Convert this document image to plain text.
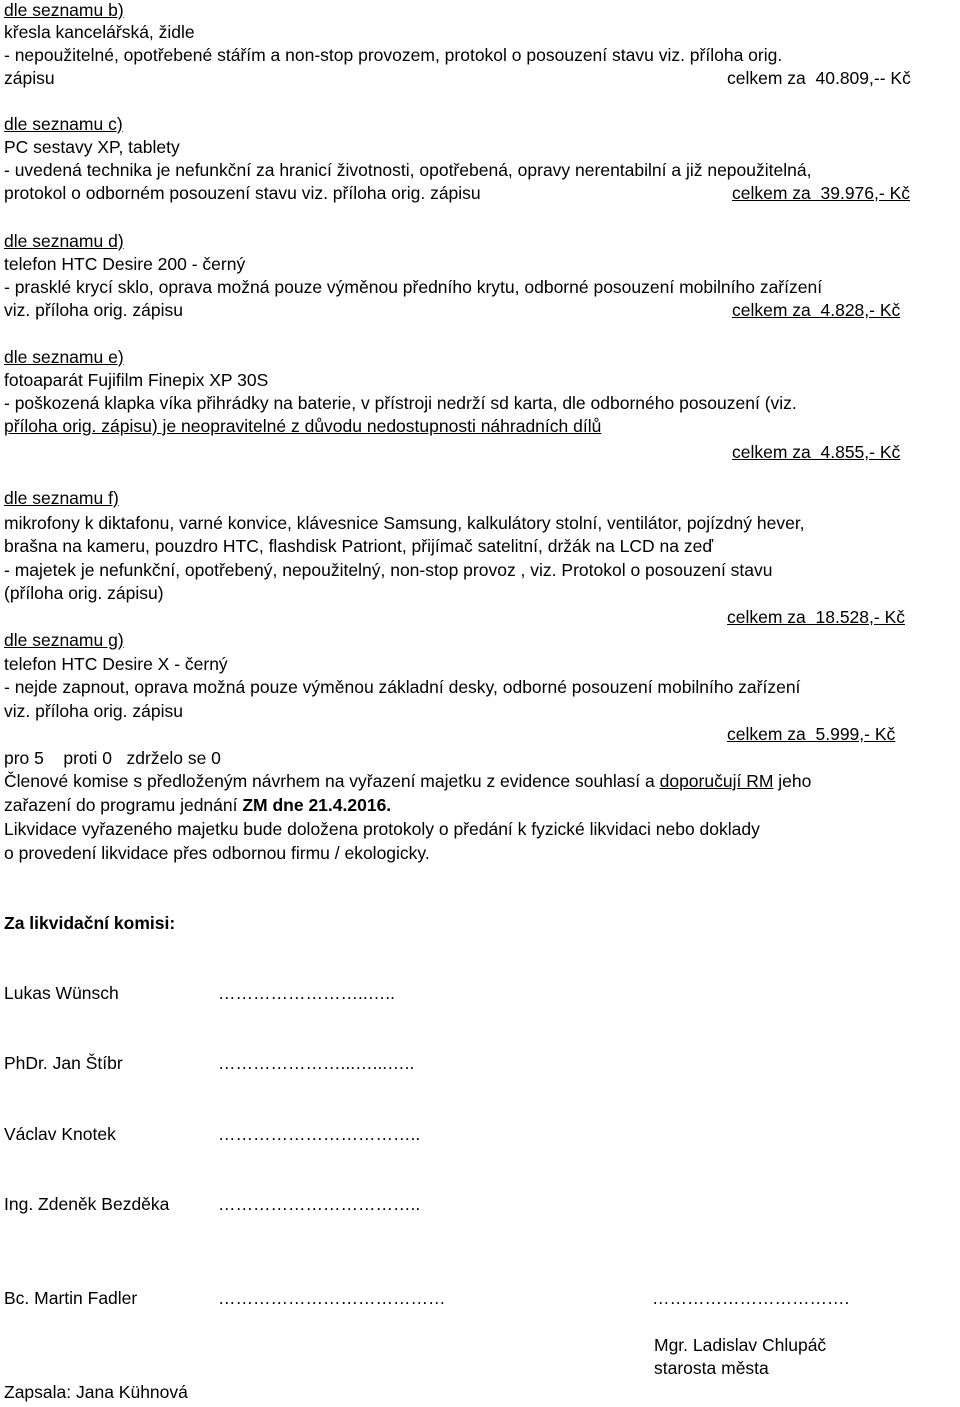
dle seznamu b)
křesla kancelářská, židle
- nepoužitelné, opotřebené stářím a non-stop provozem, protokol o posouzení stavu viz. příloha orig.
zápisu	celkem za  40.809,-- Kč
dle seznamu c)
PC sestavy XP, tablety
- uvedená technika je nefunkční za hranicí životnosti, opotřebená, opravy nerentabilní a již nepoužitelná,
protokol o odborném posouzení stavu viz. příloha orig. zápisu	celkem za  39.976,- Kč
dle seznamu d)
telefon HTC Desire 200 - černý
- prasklé krycí sklo, oprava možná pouze výměnou předního krytu, odborné posouzení mobilního zařízení
viz. příloha orig. zápisu	celkem za  4.828,- Kč
dle seznamu e)
fotoaparát Fujifilm Finepix XP 30S
- poškozená klapka víka přihrádky na baterie, v přístroji nedrží sd karta, dle odborného posouzení (viz.
příloha orig. zápisu) je neopravitelné z důvodu nedostupnosti náhradních dílů
celkem za  4.855,- Kč
dle seznamu f)
mikrofony k diktafonu, varné konvice, klávesnice Samsung, kalkulátory stolní, ventilátor, pojízdný hever,
brašna na kameru, pouzdro HTC, flashdisk Patriont, přijímač satelitní, držák na LCD na zeď
- majetek je nefunkční, opotřebený, nepoužitelný, non-stop provoz , viz. Protokol o posouzení stavu
(příloha orig. zápisu)
celkem za  18.528,- Kč
dle seznamu g)
telefon HTC Desire X - černý
- nejde zapnout, oprava možná pouze výměnou základní desky, odborné posouzení mobilního zařízení
viz. příloha orig. zápisu
celkem za  5.999,- Kč
pro 5    proti 0   zdrželo se 0
Členové komise s předloženým návrhem na vyřazení majetku z evidence souhlasí a doporučují RM jeho
zařazení do programu jednání ZM dne 21.4.2016.
Likvidace vyřazeného majetku bude doložena protokoly o předání k fyzické likvidaci nebo doklady
o provedení likvidace přes odbornou firmu / ekologicky.
Za likvidační komisi:
Lukas Wünsch	……………………..…..
PhDr. Jan Štíbr	…………………...…...…..
Václav Knotek	……………………………..
Ing. Zdeněk Bezděka	……………………………..
Bc. Martin Fadler	…………………………………	…………………………….
Mgr. Ladislav Chlupáč
starosta města
Zapsala: Jana Kühnová
